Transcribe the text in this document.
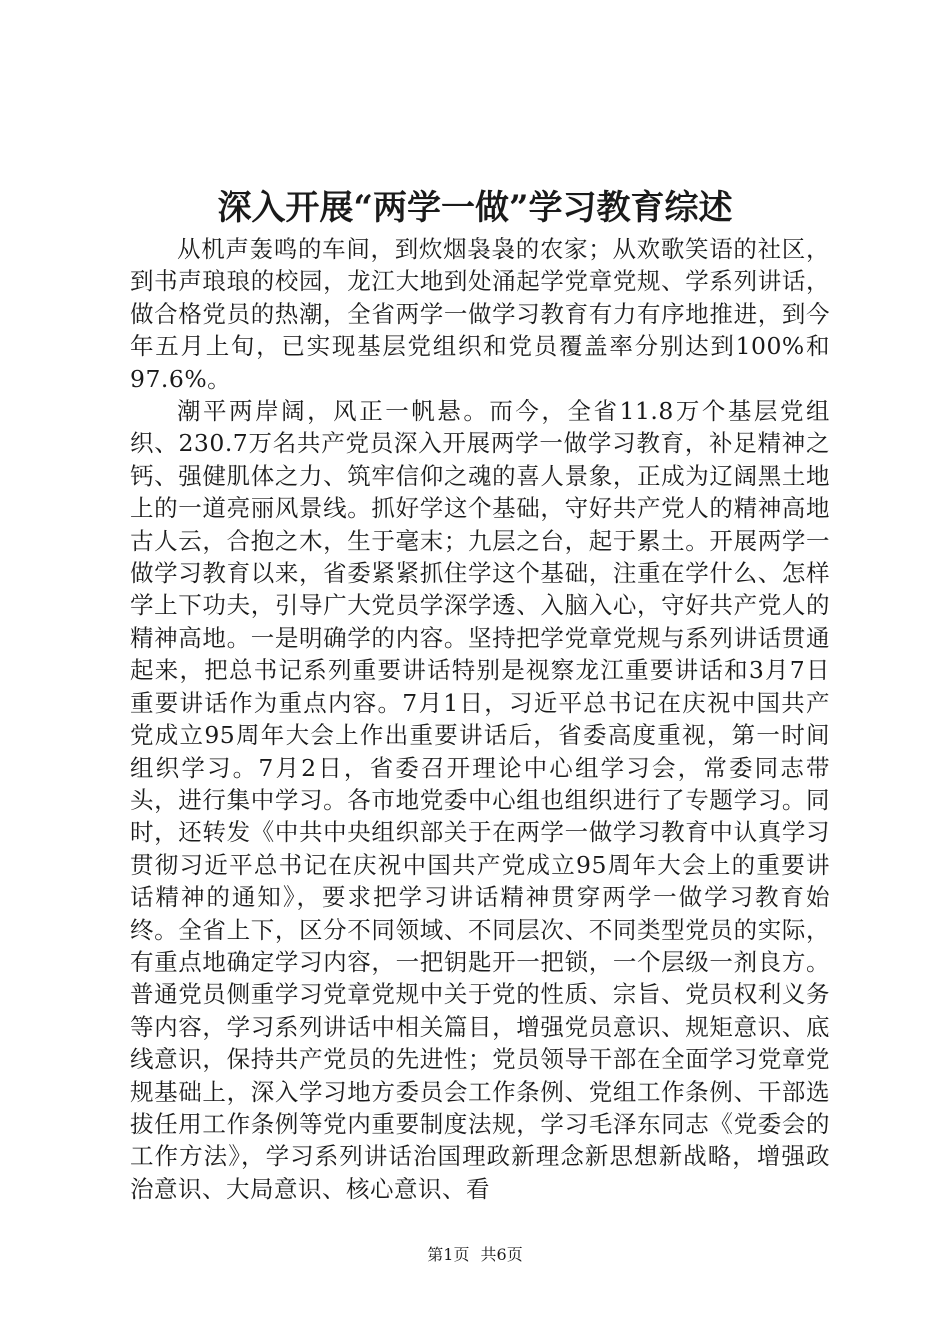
深入开展“两学一做”学习教育综述

从机声轰鸣的车间，到炊烟袅袅的农家；从欢歌笑语的社区，到书声琅琅的校园，龙江大地到处涌起学党章党规、学系列讲话，做合格党员的热潮，全省两学一做学习教育有力有序地推进，到今年五月上旬，已实现基层党组织和党员覆盖率分别达到100%和97.6%。

潮平两岸阔，风正一帆悬。而今，全省11.8万个基层党组织、230.7万名共产党员深入开展两学一做学习教育，补足精神之钙、强健肌体之力、筑牢信仰之魂的喜人景象，正成为辽阔黑土地上的一道亮丽风景线。抓好学这个基础，守好共产党人的精神高地古人云，合抱之木，生于毫末；九层之台，起于累土。开展两学一做学习教育以来，省委紧紧抓住学这个基础，注重在学什么、怎样学上下功夫，引导广大党员学深学透、入脑入心，守好共产党人的精神高地。一是明确学的内容。坚持把学党章党规与系列讲话贯通起来，把总书记系列重要讲话特别是视察龙江重要讲话和3月7日重要讲话作为重点内容。7月1日，习近平总书记在庆祝中国共产党成立95周年大会上作出重要讲话后，省委高度重视，第一时间组织学习。7月2日，省委召开理论中心组学习会，常委同志带头，进行集中学习。各市地党委中心组也组织进行了专题学习。同时，还转发《中共中央组织部关于在两学一做学习教育中认真学习贯彻习近平总书记在庆祝中国共产党成立95周年大会上的重要讲话精神的通知》，要求把学习讲话精神贯穿两学一做学习教育始终。全省上下，区分不同领域、不同层次、不同类型党员的实际，有重点地确定学习内容，一把钥匙开一把锁，一个层级一剂良方。普通党员侧重学习党章党规中关于党的性质、宗旨、党员权利义务等内容，学习系列讲话中相关篇目，增强党员意识、规矩意识、底线意识，保持共产党员的先进性；党员领导干部在全面学习党章党规基础上，深入学习地方委员会工作条例、党组工作条例、干部选拔任用工作条例等党内重要制度法规，学习毛泽东同志《党委会的工作方法》，学习系列讲话治国理政新理念新思想新战略，增强政治意识、大局意识、核心意识、看

第1页 共6页
